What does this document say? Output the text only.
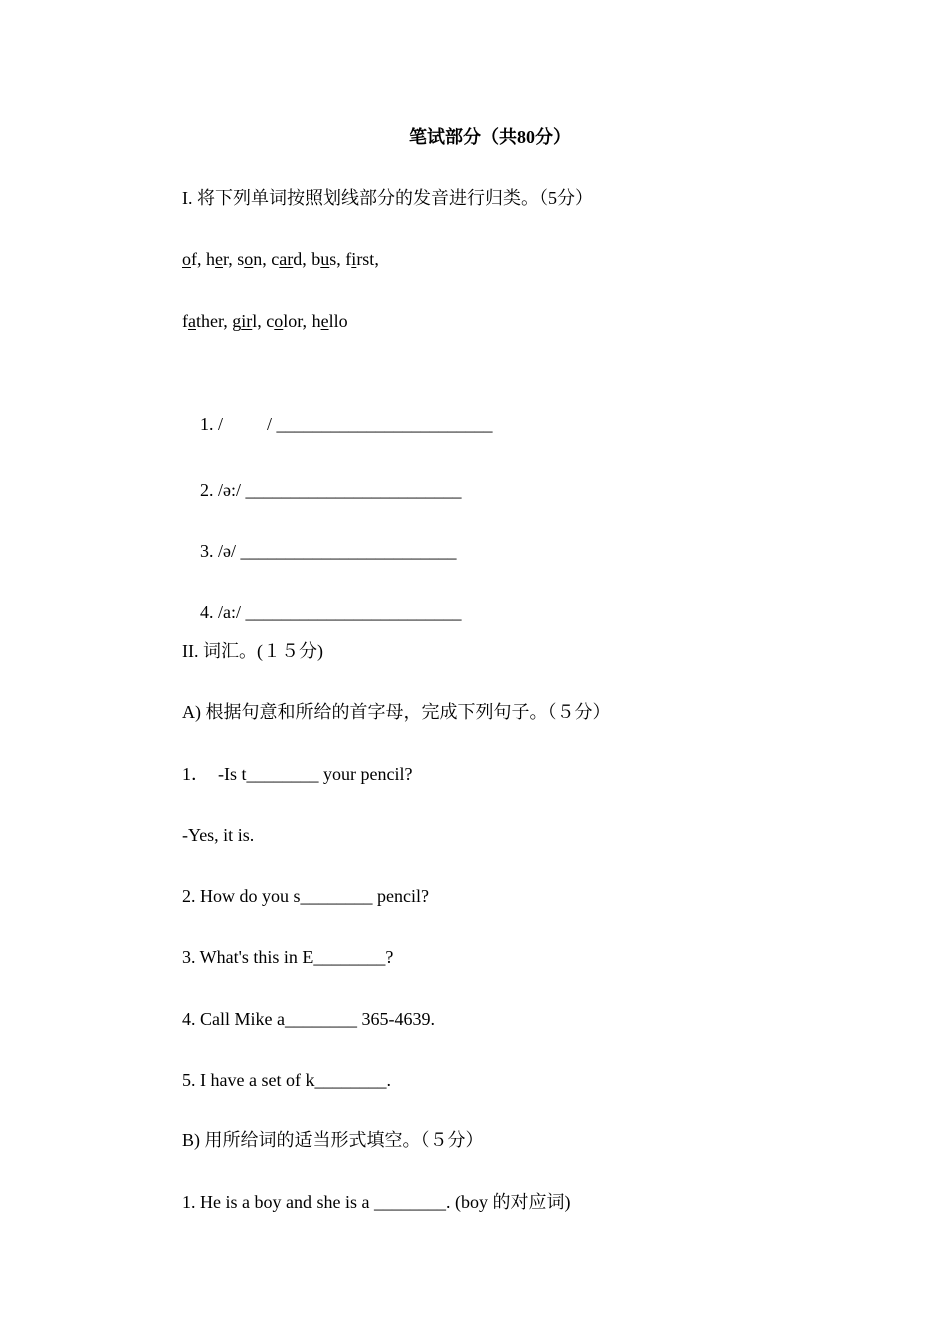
笔试部分（共80分）
I. 将下列单词按照划线部分的发音进行归类。（5分）
of, her, son, card, bus, first,
father, girl, color, hello

1. / / ________________________

2. /ə:/ ________________________

3. /ə/ ________________________

4. /a:/ ________________________

II. 词汇。(１５分)
A) 根据句意和所给的首字母，完成下列句子。（５分）
1．  -Is t________ your pencil?
-Yes, it is.
2. How do you s________ pencil?
3. What's this in E________?
4. Call Mike a________ 365-4639.
5. I have a set of k________.
B) 用所给词的适当形式填空。（５分）
1. He is a boy and she is a ________. (boy 的对应词)
